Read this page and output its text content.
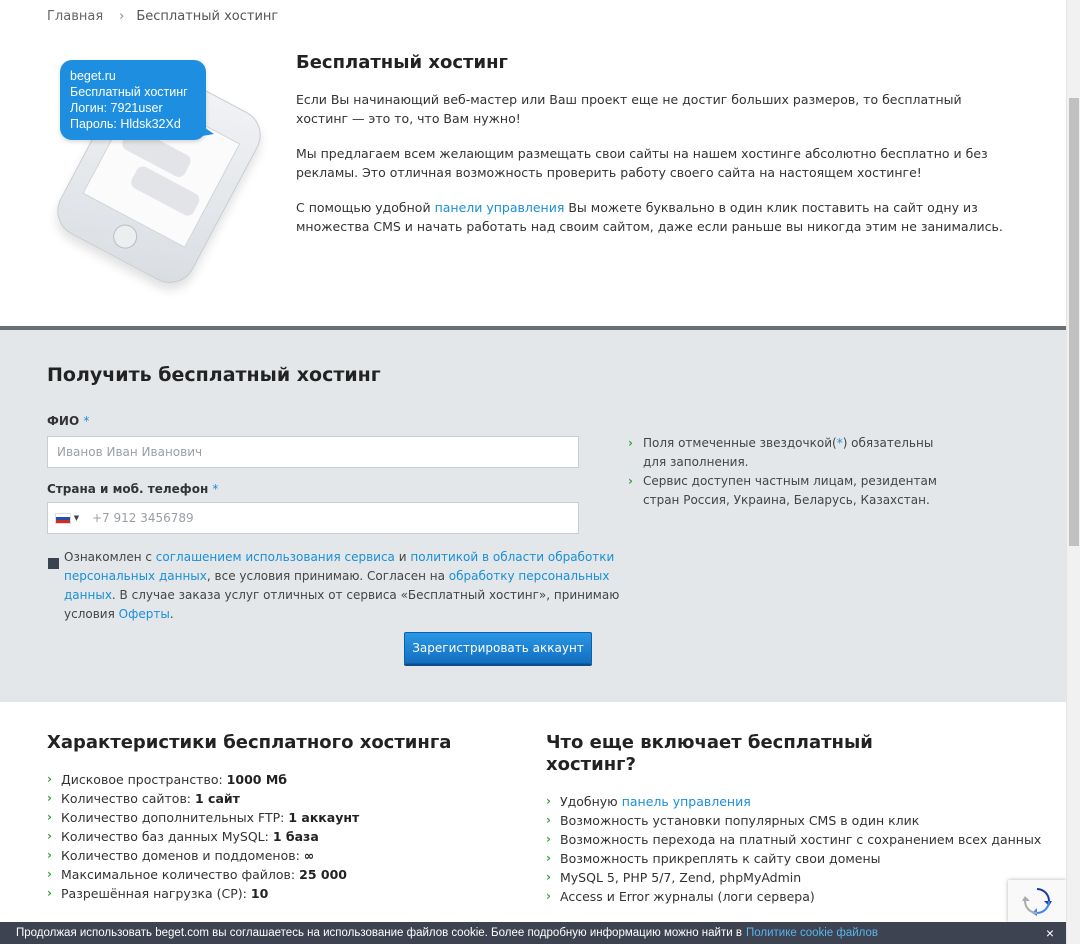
Главная › Бесплатный хостинг
beget.ru
Бесплатный хостинг
Логин: 7921user
Пароль: Hldsk32Xd
Бесплатный хостинг

Если Вы начинающий веб-мастер или Ваш проект еще не достиг больших размеров, то бесплатный хостинг — это то, что Вам нужно!

Мы предлагаем всем желающим размещать свои сайты на нашем хостинге абсолютно бесплатно и без рекламы. Это отличная возможность проверить работу своего сайта на настоящем хостинге!

С помощью удобной панели управления Вы можете буквально в один клик поставить на сайт одну из множества CMS и начать работать над своим сайтом, даже если раньше вы никогда этим не занимались.

Получить бесплатный хостинг
ФИО *
Иванов Иван Иванович
Страна и моб. телефон *
▼ +7 912 3456789
Ознакомлен с соглашением использования сервиса и политикой в области обработки персональных данных, все условия принимаю. Согласен на обработку персональных данных. В случае заказа услуг отличных от сервиса «Бесплатный хостинг», принимаю условия Оферты.
› Поля отмеченные звездочкой(*) обязательны для заполнения.
› Сервис доступен частным лицам, резидентам стран Россия, Украина, Беларусь, Казахстан.
Зарегистрировать аккаунт
Характеристики бесплатного хостинга
› Дисковое пространство: 1000 Мб
› Количество сайтов: 1 сайт
› Количество дополнительных FTP: 1 аккаунт
› Количество баз данных MySQL: 1 база
› Количество доменов и поддоменов: ∞
› Максимальное количество файлов: 25 000
› Разрешённая нагрузка (CP): 10
Что еще включает бесплатный
хостинг?
› Удобную панель управления
› Возможность установки популярных CMS в один клик
› Возможность перехода на платный хостинг с сохранением всех данных
› Возможность прикреплять к сайту свои домены
› MySQL 5, PHP 5/7, Zend, phpMyAdmin
› Access и Error журналы (логи сервера)
Продолжая использовать beget.com вы соглашаетесь на использование файлов cookie. Более подробную информацию можно найти в Политике cookie файлов	×
